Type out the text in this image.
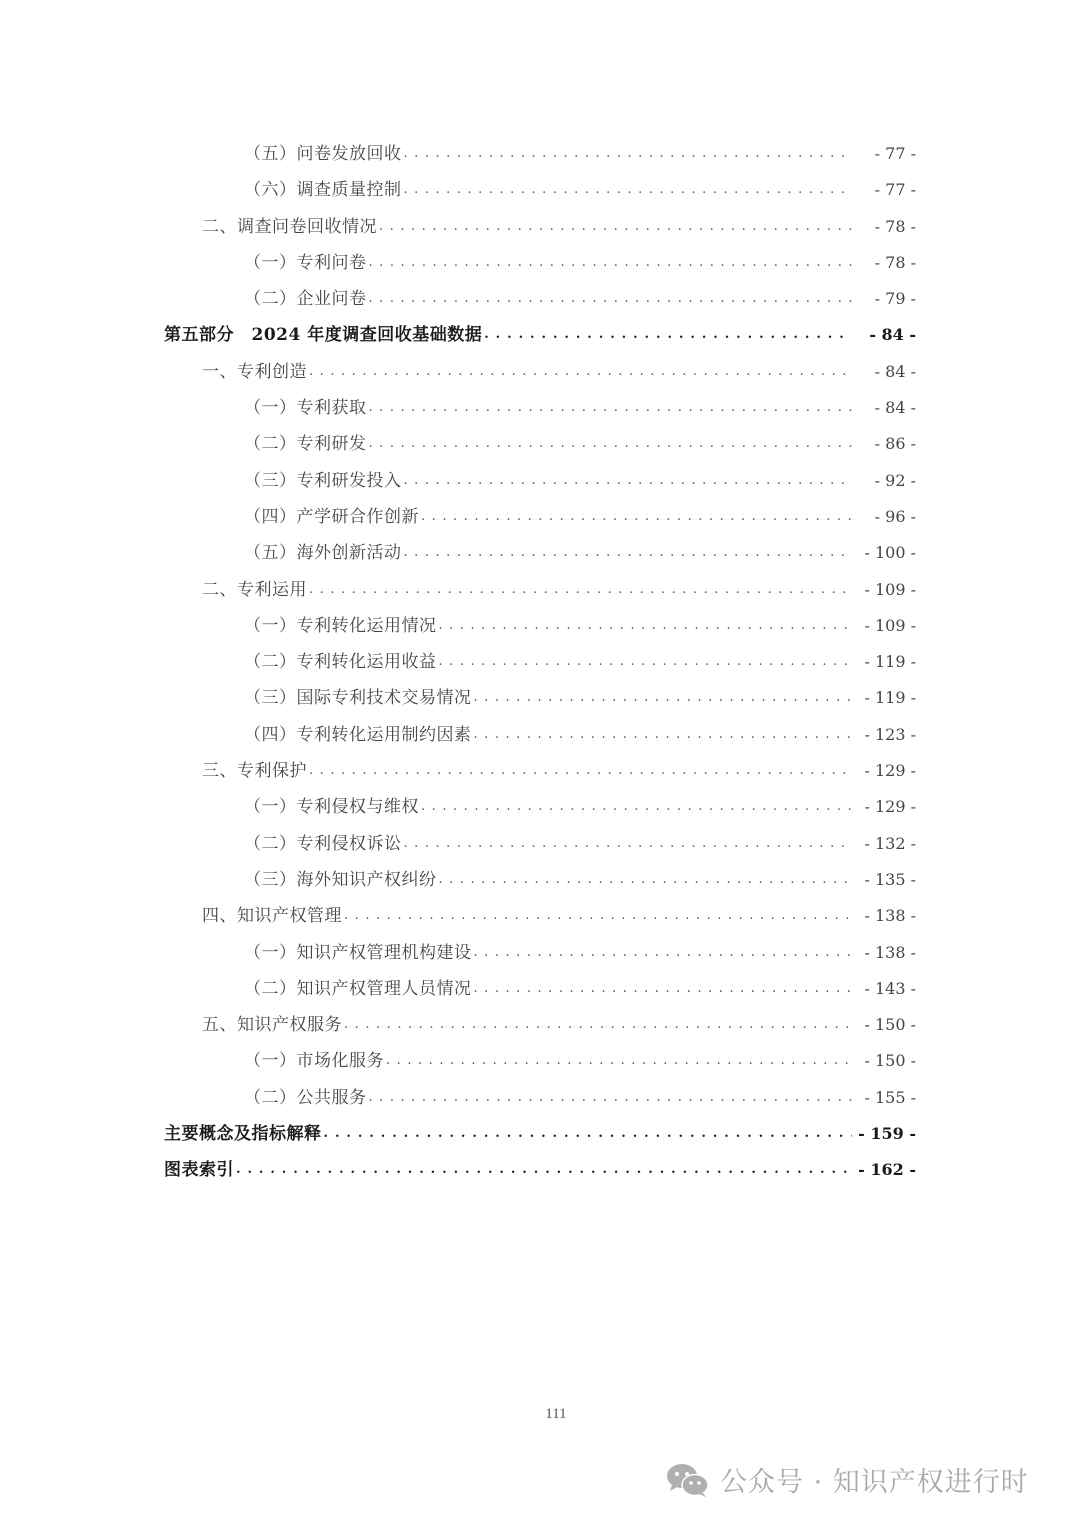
（五）问卷发放回收 . . .	- 77 -
（六）调查质量控制 . . .	- 77 -
二、调查问卷回收情况 . . .	- 78 -
（一）专利问卷 . . .	- 78 -
（二）企业问卷 . . .	- 79 -
第五部分　2024 年度调查回收基础数据 . . .	- 84 -
一、专利创造 . . .	- 84 -
（一）专利获取 . . .	- 84 -
（二）专利研发 . . .	- 86 -
（三）专利研发投入 . . .	- 92 -
（四）产学研合作创新 . . .	- 96 -
（五）海外创新活动 . . .	- 100 -
二、专利运用 . . .	- 109 -
（一）专利转化运用情况 . . .	- 109 -
（二）专利转化运用收益 . . .	- 119 -
（三）国际专利技术交易情况 . . .	- 119 -
（四）专利转化运用制约因素 . . .	- 123 -
三、专利保护 . . .	- 129 -
（一）专利侵权与维权 . . .	- 129 -
（二）专利侵权诉讼 . . .	- 132 -
（三）海外知识产权纠纷 . . .	- 135 -
四、知识产权管理 . . .	- 138 -
（一）知识产权管理机构建设 . . .	- 138 -
（二）知识产权管理人员情况 . . .	- 143 -
五、知识产权服务 . . .	- 150 -
（一）市场化服务 . . .	- 150 -
（二）公共服务 . . .	- 155 -
主要概念及指标解释 . . .	- 159 -
图表索引 . . .	- 162 -
111
公众号 · 知识产权进行时
